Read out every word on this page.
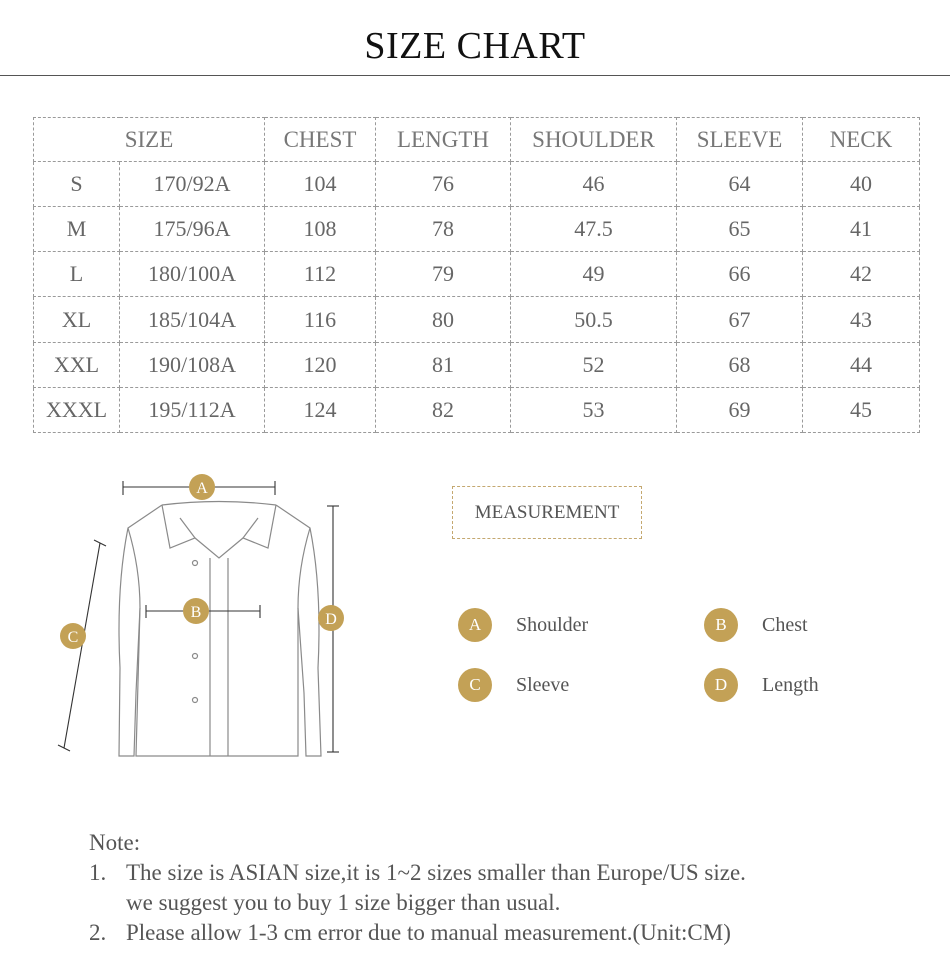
SIZE CHART
SIZE		CHEST	LENGTH	SHOULDER	SLEEVE	NECK
S	170/92A	104	76	46	64	40
M	175/96A	108	78	47.5	65	41
L	180/100A	112	79	49	66	42
XL	185/104A	116	80	50.5	67	43
XXL	190/108A	120	81	52	68	44
XXXL	195/112A	124	82	53	69	45
A
B
C
D
MEASUREMENT
A	Shoulder	B	Chest
C	Sleeve	D	Length
Note:
1. The size is ASIAN size,it is 1~2 sizes smaller than Europe/US size.
we suggest you to buy 1 size bigger than usual.
2. Please allow 1-3 cm error due to manual measurement.(Unit:CM)
